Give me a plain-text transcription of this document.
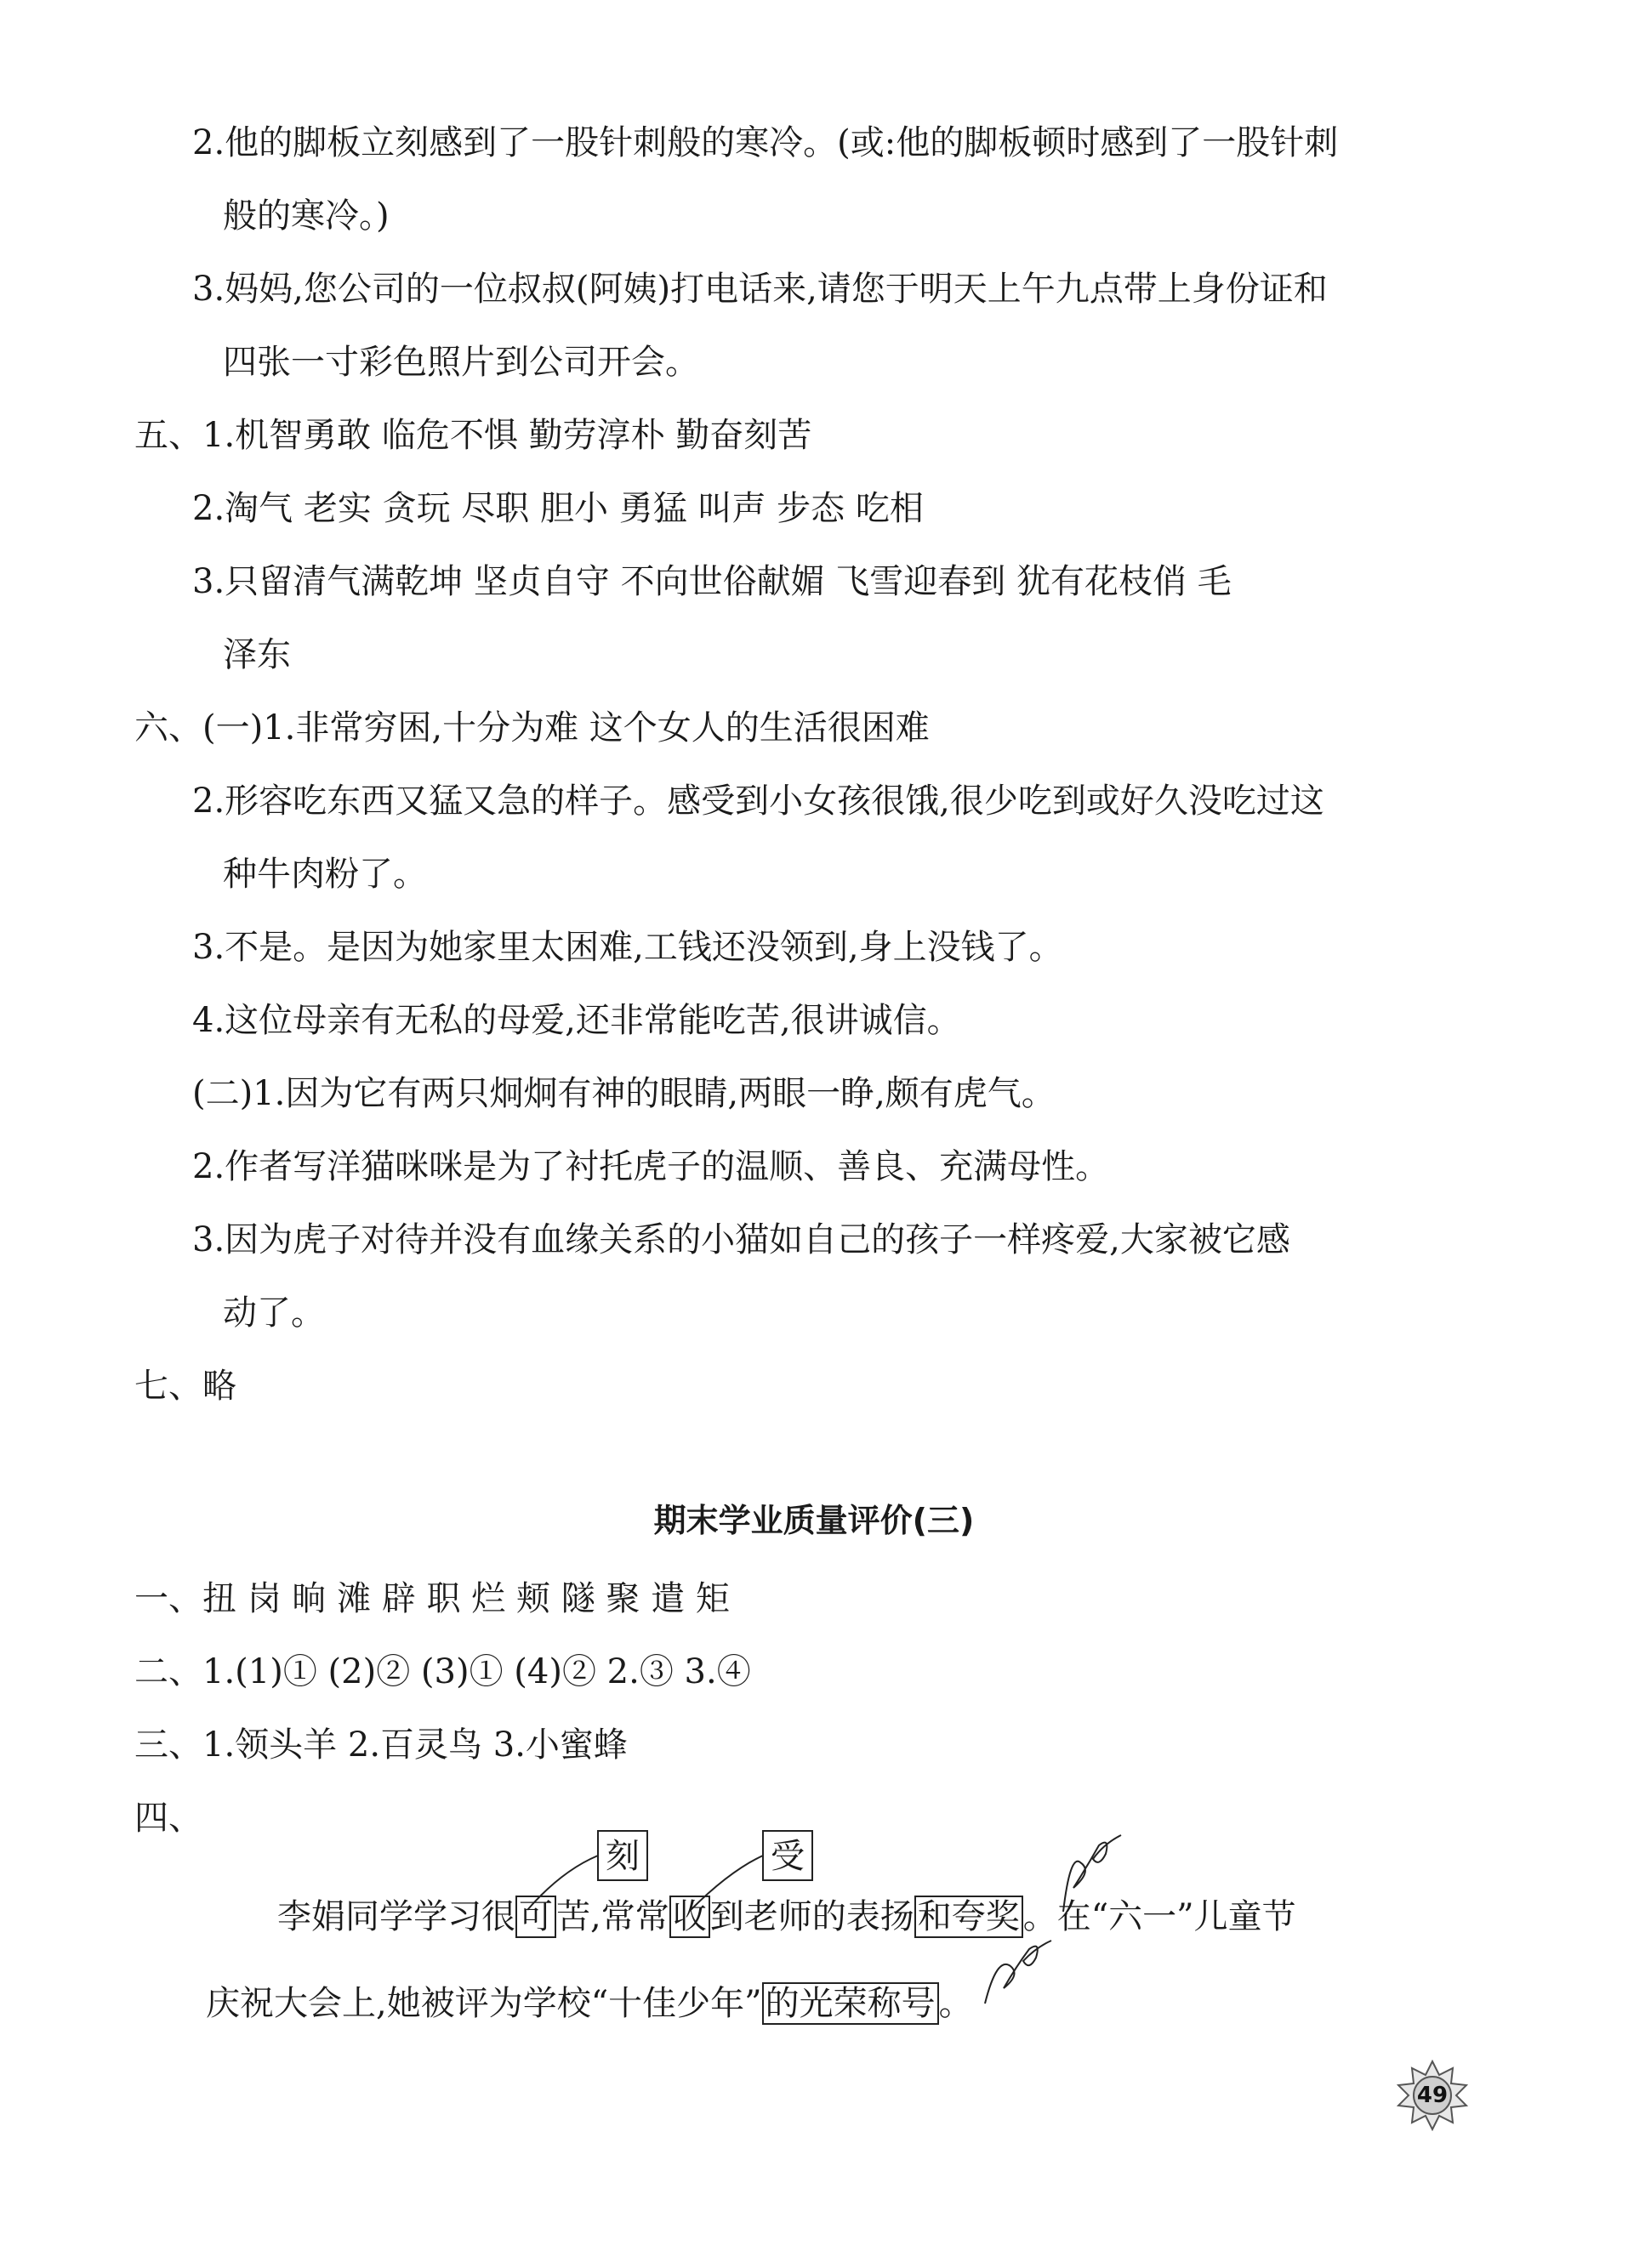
2.他的脚板立刻感到了一股针刺般的寒冷。(或:他的脚板顿时感到了一股针刺
般的寒冷。)
3.妈妈,您公司的一位叔叔(阿姨)打电话来,请您于明天上午九点带上身份证和
四张一寸彩色照片到公司开会。
五、1.机智勇敢 临危不惧 勤劳淳朴 勤奋刻苦
2.淘气 老实 贪玩 尽职 胆小 勇猛 叫声 步态 吃相
3.只留清气满乾坤 坚贞自守 不向世俗献媚 飞雪迎春到 犹有花枝俏 毛
泽东
六、(一)1.非常穷困,十分为难 这个女人的生活很困难
2.形容吃东西又猛又急的样子。感受到小女孩很饿,很少吃到或好久没吃过这
种牛肉粉了。
3.不是。是因为她家里太困难,工钱还没领到,身上没钱了。
4.这位母亲有无私的母爱,还非常能吃苦,很讲诚信。
(二)1.因为它有两只炯炯有神的眼睛,两眼一睁,颇有虎气。
2.作者写洋猫咪咪是为了衬托虎子的温顺、善良、充满母性。
3.因为虎子对待并没有血缘关系的小猫如自己的孩子一样疼爱,大家被它感
动了。
七、略
一、扭 岗 晌 滩 辟 职 烂 颊 隧 聚 遣 矩
二、1.(1)① (2)② (3)① (4)② 2.③ 3.④
三、1.领头羊 2.百灵鸟 3.小蜜蜂
四、
期末学业质量评价(三)
刻	受
李娟同学学习很 可 苦,常常 收 到老师的表扬 和夸奖 。在“六一”儿童节
庆祝大会上,她被评为学校“十佳少年” 的光荣称号 。
49
